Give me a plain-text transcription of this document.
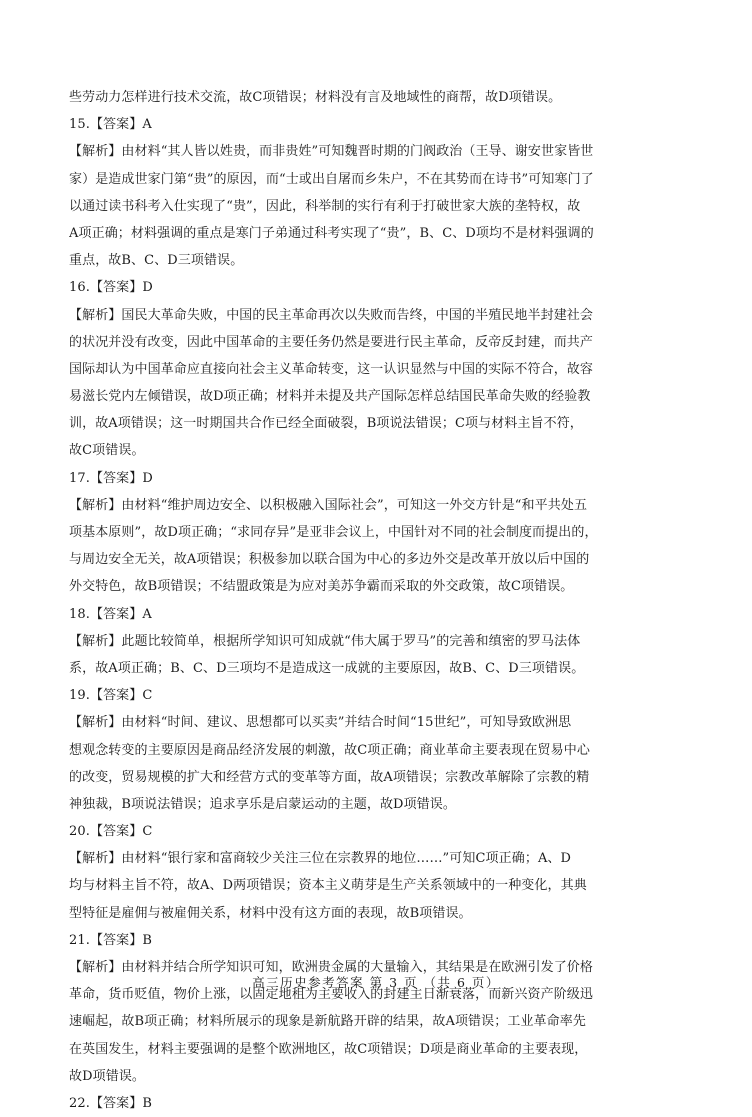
些劳动力怎样进行技术交流，故C项错误；材料没有言及地域性的商帮，故D项错误。
15.【答案】A
【解析】由材料“其人皆以姓贵，而非贵姓”可知魏晋时期的门阀政治（王导、谢安世家皆世
家）是造成世家门第“贵”的原因，而“士或出自屠而乡朱户，不在其势而在诗书”可知寒门了
以通过读书科考入仕实现了“贵”，因此，科举制的实行有利于打破世家大族的垄特权，故
A项正确；材料强调的重点是寒门子弟通过科考实现了“贵”，B、C、D项均不是材料强调的
重点，故B、C、D三项错误。
16.【答案】D
【解析】国民大革命失败，中国的民主革命再次以失败而告终，中国的半殖民地半封建社会
的状况并没有改变，因此中国革命的主要任务仍然是要进行民主革命，反帝反封建，而共产
国际却认为中国革命应直接向社会主义革命转变，这一认识显然与中国的实际不符合，故容
易滋长党内左倾错误，故D项正确；材料并未提及共产国际怎样总结国民革命失败的经验教
训，故A项错误；这一时期国共合作已经全面破裂，B项说法错误；C项与材料主旨不符，
故C项错误。
17.【答案】D
【解析】由材料“维护周边安全、以积极融入国际社会”，可知这一外交方针是“和平共处五
项基本原则”，故D项正确；“求同存异”是亚非会议上，中国针对不同的社会制度而提出的，
与周边安全无关，故A项错误；积极参加以联合国为中心的多边外交是改革开放以后中国的
外交特色，故B项错误；不结盟政策是为应对美苏争霸而采取的外交政策，故C项错误。
18.【答案】A
【解析】此题比较简单，根据所学知识可知成就“伟大属于罗马”的完善和缜密的罗马法体
系，故A项正确；B、C、D三项均不是造成这一成就的主要原因，故B、C、D三项错误。
19.【答案】C
【解析】由材料“时间、建议、思想都可以买卖”并结合时间“15世纪”，可知导致欧洲思
想观念转变的主要原因是商品经济发展的刺激，故C项正确；商业革命主要表现在贸易中心
的改变，贸易规模的扩大和经营方式的变革等方面，故A项错误；宗教改革解除了宗教的精
神独裁，B项说法错误；追求享乐是启蒙运动的主题，故D项错误。
20.【答案】C
【解析】由材料“银行家和富商较少关注三位在宗教界的地位……”可知C项正确；A、D
均与材料主旨不符，故A、D两项错误；资本主义萌芽是生产关系领域中的一种变化，其典
型特征是雇佣与被雇佣关系，材料中没有这方面的表现，故B项错误。
21.【答案】B
【解析】由材料并结合所学知识可知，欧洲贵金属的大量输入，其结果是在欧洲引发了价格
革命，货币贬值，物价上涨，以固定地租为主要收入的封建主日渐衰落，而新兴资产阶级迅
速崛起，故B项正确；材料所展示的现象是新航路开辟的结果，故A项错误；工业革命率先
在英国发生，材料主要强调的是整个欧洲地区，故C项错误；D项是商业革命的主要表现，
故D项错误。
22.【答案】B
高三历史参考答案 第 3 页 （共 6 页）
